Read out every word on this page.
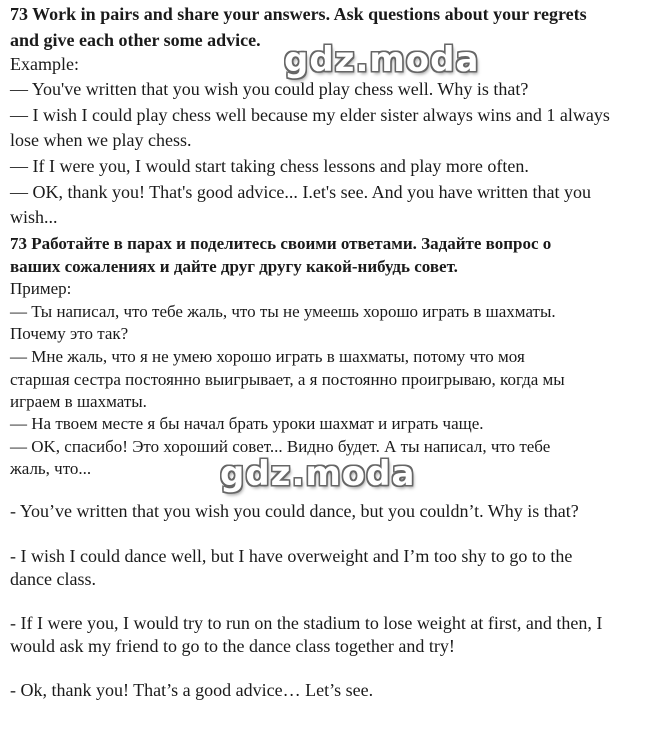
73 Work in pairs and share your answers. Ask questions about your regrets

and give each other some advice.

Example:

— You've written that you wish you could play chess well. Why is that?

— I wish I could play chess well because my elder sister always wins and 1 always

lose when we play chess.

— If I were you, I would start taking chess lessons and play more often.

— OK, thank you! That's good advice... I.et's see. And you have written that you

wish...

73 Работайте в парах и поделитесь своими ответами. Задайте вопрос о

ваших сожалениях и дайте друг другу какой-нибудь совет.

Пример:

— Ты написал, что тебе жаль, что ты не умеешь хорошо играть в шахматы.

Почему это так?

— Мне жаль, что я не умею хорошо играть в шахматы, потому что моя

старшая сестра постоянно выигрывает, а я постоянно проигрываю, когда мы

играем в шахматы.

— На твоем месте я бы начал брать уроки шахмат и играть чаще.

— OK, спасибо! Это хороший совет... Видно будет. А ты написал, что тебе

жаль, что...

- You’ve written that you wish you could dance, but you couldn’t. Why is that?

- I wish I could dance well, but I have overweight and I’m too shy to go to the

dance class.

- If I were you, I would try to run on the stadium to lose weight at first, and then, I

would ask my friend to go to the dance class together and try!

- Ok, thank you! That’s a good advice… Let’s see.

gdz.moda
gdz.moda
